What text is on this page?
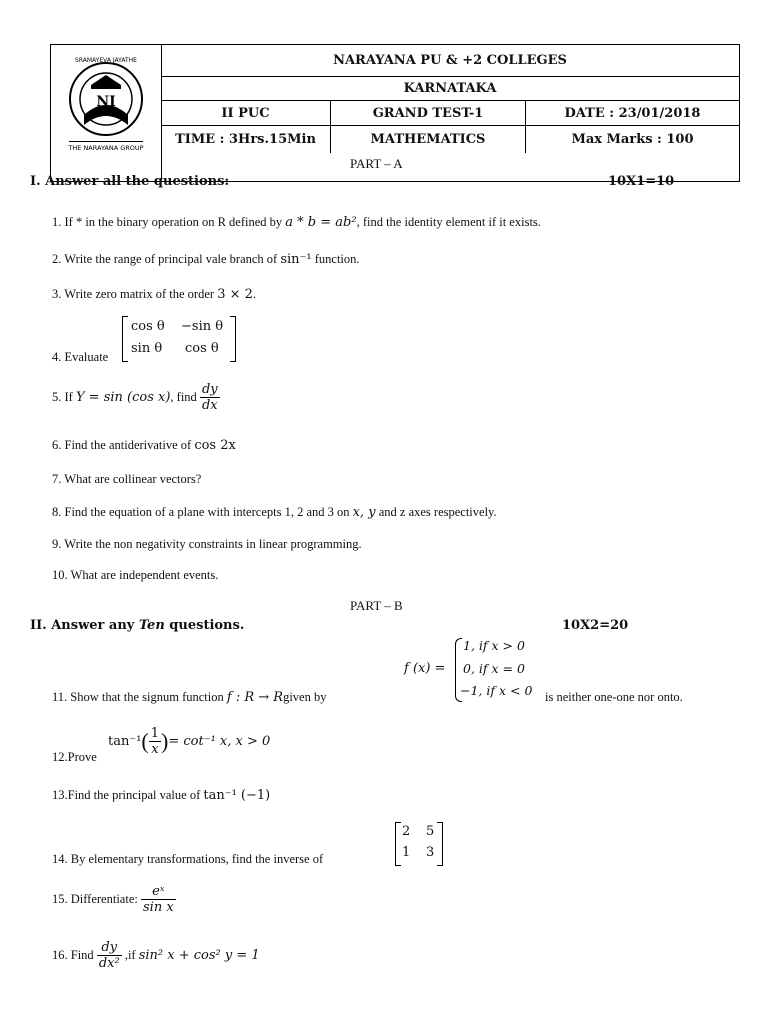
NI
SRAMAYEVA JAYATHE
THE NARAYANA GROUP
NARAYANA PU & +2 COLLEGES
KARNATAKA
II PUC	GRAND TEST-1	DATE : 23/01/2018
TIME : 3Hrs.15Min	MATHEMATICS	Max Marks : 100
PART – A
I. Answer all the questions:	10X1=10
1. If * in the binary operation on R defined by a * b = ab², find the identity element if it exists.
2. Write the range of principal vale branch of sin⁻¹ function.
3. Write zero matrix of the order 3 × 2.
4. Evaluate
cos θ −sin θ
sin θ cos θ
5. If Y = sin (cos x), find $\frac{dy}{dx}$
6. Find the antiderivative of cos 2x
7. What are collinear vectors?
8. Find the equation of a plane with intercepts 1, 2 and 3 on x, y and z axes respectively.
9. Write the non negativity constraints in linear programming.
10. What are independent events.
PART – B
II. Answer any Ten questions.	10X2=20
11. Show that the signum function f : R → Rgiven by
f (x) =
1, if x > 0
0, if x = 0
−1, if x < 0 is neither one-one nor onto.
$\tan^{-1}( \frac{1}{x}$ )= cot⁻¹ x, x > 0
12.Prove
13.Find the principal value of tan⁻¹ (−1)
14. By elementary transformations, find the inverse of
2 5
1 3
15. Differentiate: $\frac{\text{eˣ}}{\text{sin x}}$
16. Find $\frac{dy}{\text{dx²}} ,if$ sin² x + cos² y = 1
